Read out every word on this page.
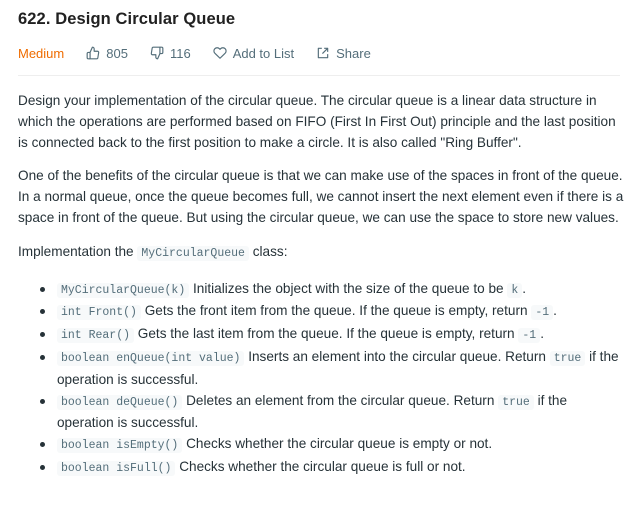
622. Design Circular Queue
Medium	805	116	Add to List	Share

Design your implementation of the circular queue. The circular queue is a linear data structure in which the operations are performed based on FIFO (First In First Out) principle and the last position is connected back to the first position to make a circle. It is also called "Ring Buffer".

One of the benefits of the circular queue is that we can make use of the spaces in front of the queue. In a normal queue, once the queue becomes full, we cannot insert the next element even if there is a space in front of the queue. But using the circular queue, we can use the space to store new values.

Implementation the MyCircularQueue class:

MyCircularQueue(k) Initializes the object with the size of the queue to be k .
int Front() Gets the front item from the queue. If the queue is empty, return -1 .
int Rear() Gets the last item from the queue. If the queue is empty, return -1 .
boolean enQueue(int value) Inserts an element into the circular queue. Return true if the operation is successful.
boolean deQueue() Deletes an element from the circular queue. Return true if the operation is successful.
boolean isEmpty() Checks whether the circular queue is empty or not.
boolean isFull() Checks whether the circular queue is full or not.
